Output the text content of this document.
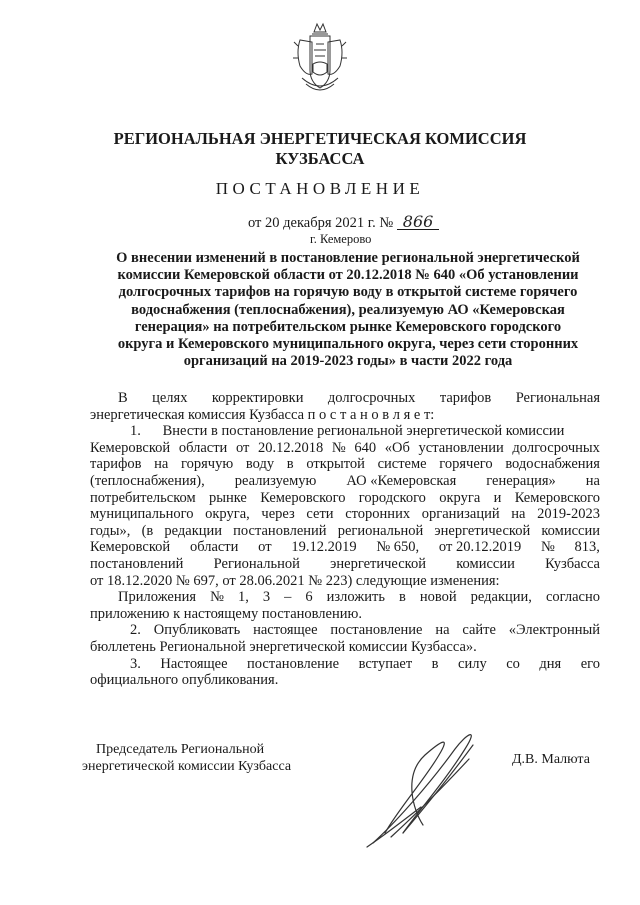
РЕГИОНАЛЬНАЯ ЭНЕРГЕТИЧЕСКАЯ КОМИССИЯ
КУЗБАССА
ПОСТАНОВЛЕНИЕ
от 20 декабря 2021 г. № 866
г. Кемерово
О внесении изменений в постановление региональной энергетической
комиссии Кемеровской области от 20.12.2018 № 640 «Об установлении
долгосрочных тарифов на горячую воду в открытой системе горячего
водоснабжения (теплоснабжения), реализуемую АО «Кемеровская
генерация» на потребительском рынке Кемеровского городского
округа и Кемеровского муниципального округа, через сети сторонних
организаций на 2019-2023 годы» в части 2022 года
В целях корректировки долгосрочных тарифов Региональная
энергетическая комиссия Кузбасса п о с т а н о в л я е т:
1.      Внести в постановление региональной энергетической комиссии
Кемеровской области от 20.12.2018 № 640 «Об установлении долгосрочных
тарифов на горячую воду в открытой системе горячего водоснабжения
(теплоснабжения), реализуемую АО «Кемеровская генерация» на
потребительском рынке Кемеровского городского округа и Кемеровского
муниципального округа, через сети сторонних организаций на 2019-2023
годы», (в редакции постановлений региональной энергетической комиссии
Кемеровской области от 19.12.2019 № 650, от 20.12.2019 № 813,
постановлений Региональной энергетической комиссии Кузбасса
от 18.12.2020 № 697, от 28.06.2021 № 223) следующие изменения:
Приложения № 1, 3 – 6 изложить в новой редакции, согласно
приложению к настоящему постановлению.
2. Опубликовать настоящее постановление на сайте «Электронный
бюллетень Региональной энергетической комиссии Кузбасса».
3. Настоящее постановление вступает в силу со дня его
официального опубликования.
Председатель Региональной
энергетической комиссии Кузбасса	Д.В. Малюта
